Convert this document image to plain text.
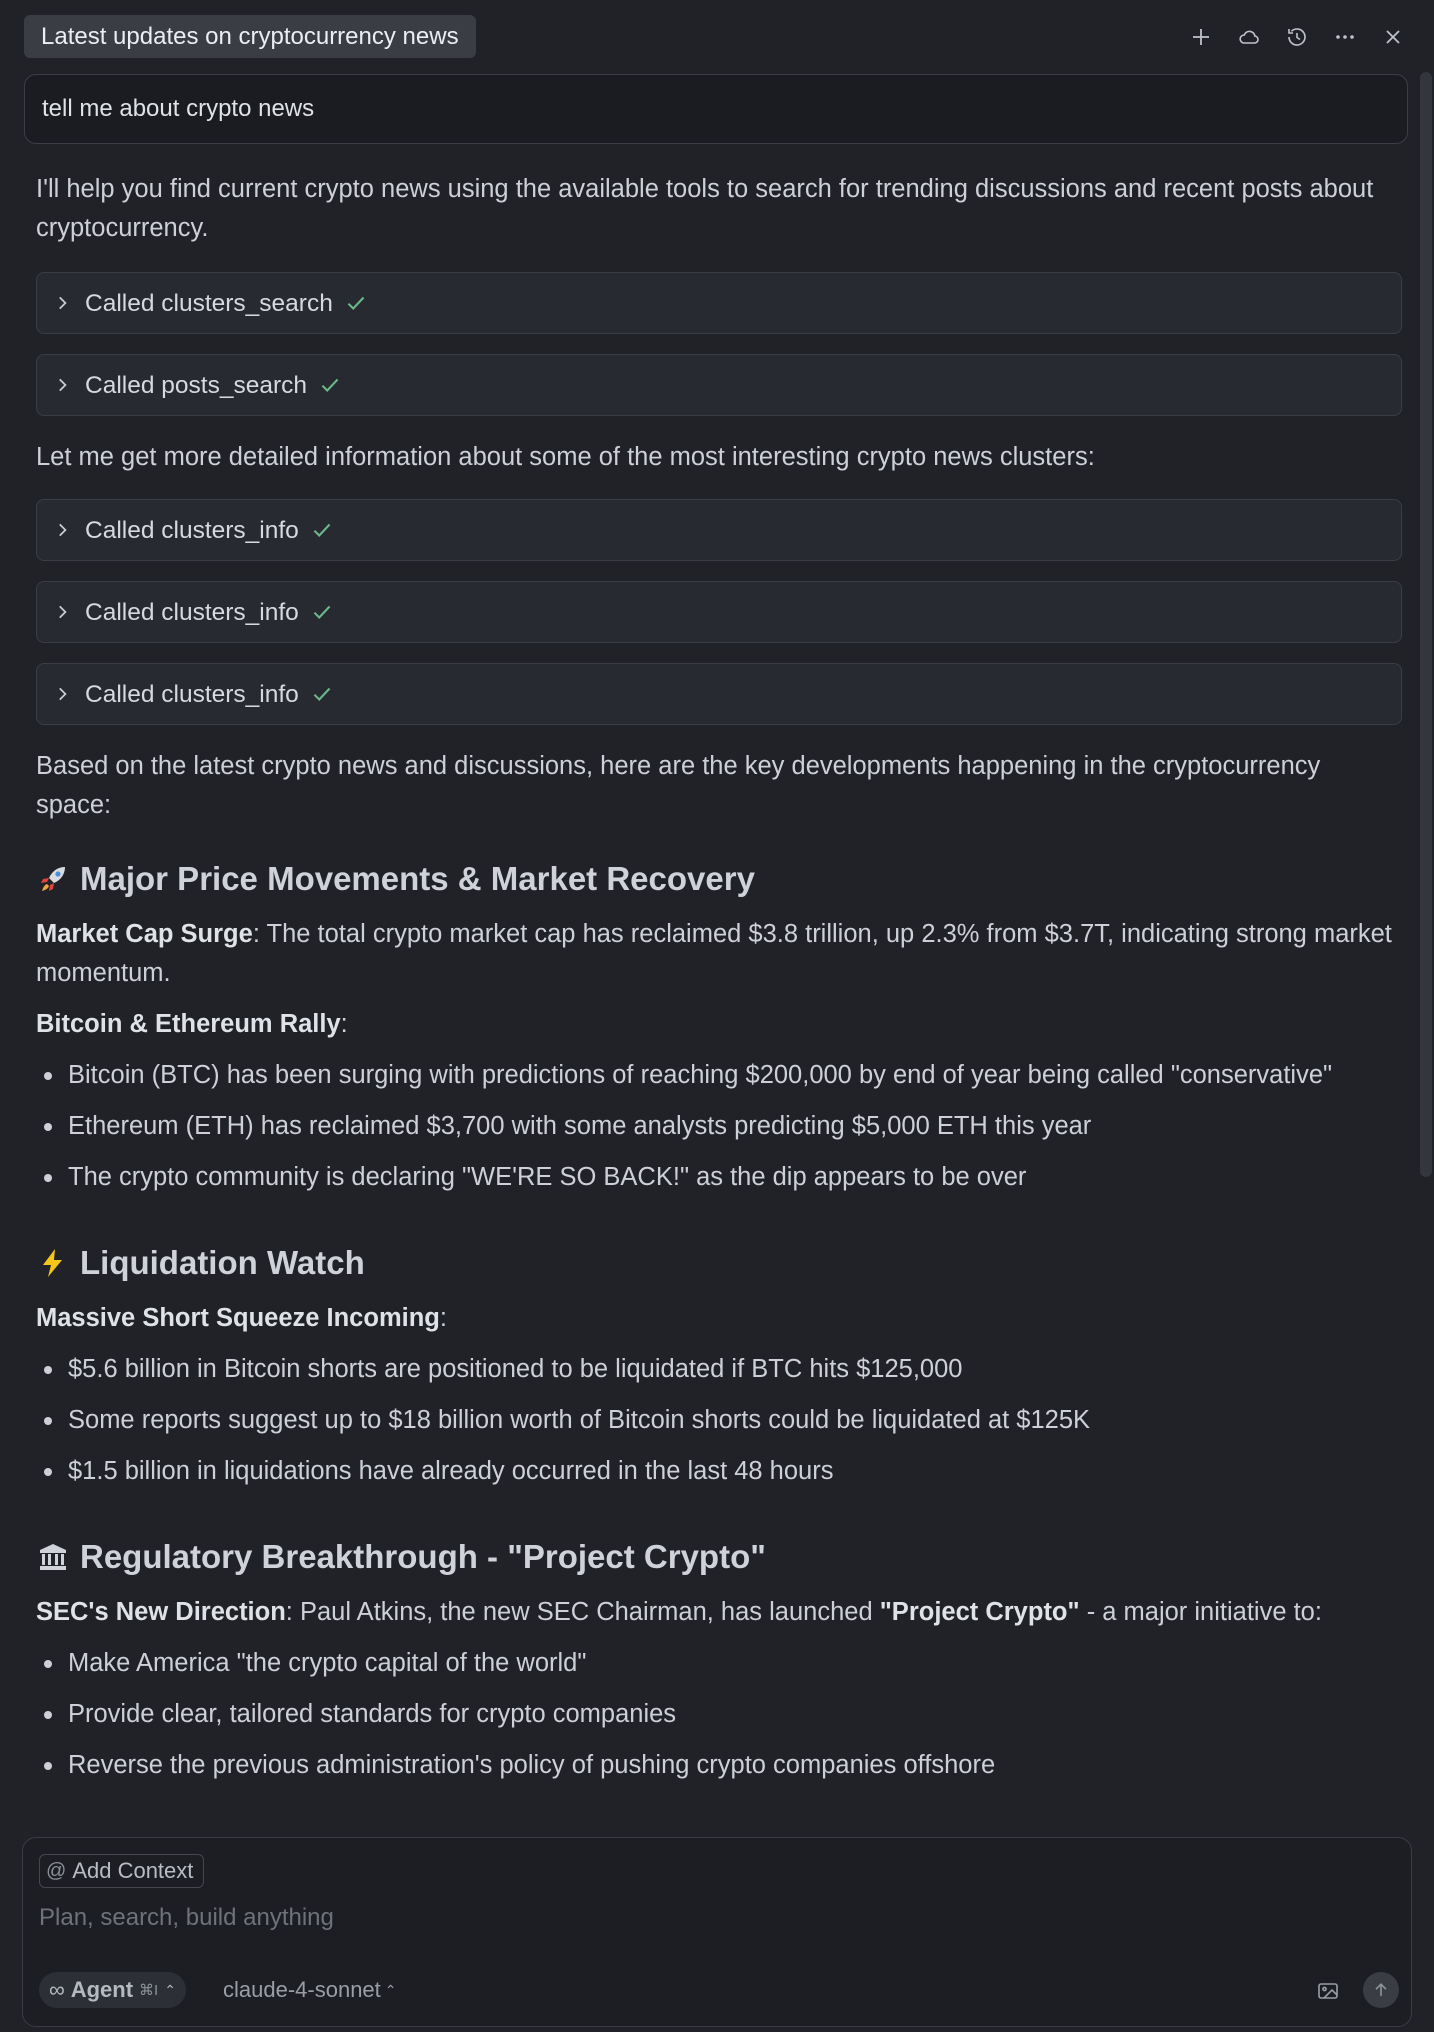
Latest updates on cryptocurrency news
tell me about crypto news

I'll help you find current crypto news using the available tools to search for trending discussions and recent posts about cryptocurrency.

Called clusters_search
Called posts_search

Let me get more detailed information about some of the most interesting crypto news clusters:

Called clusters_info
Called clusters_info
Called clusters_info

Based on the latest crypto news and discussions, here are the key developments happening in the cryptocurrency space:

Major Price Movements & Market Recovery

Market Cap Surge: The total crypto market cap has reclaimed $3.8 trillion, up 2.3% from $3.7T, indicating strong market momentum.

Bitcoin & Ethereum Rally:

Bitcoin (BTC) has been surging with predictions of reaching $200,000 by end of year being called "conservative"
Ethereum (ETH) has reclaimed $3,700 with some analysts predicting $5,000 ETH this year
The crypto community is declaring "WE'RE SO BACK!" as the dip appears to be over
Liquidation Watch

Massive Short Squeeze Incoming:

$5.6 billion in Bitcoin shorts are positioned to be liquidated if BTC hits $125,000
Some reports suggest up to $18 billion worth of Bitcoin shorts could be liquidated at $125K
$1.5 billion in liquidations have already occurred in the last 48 hours
Regulatory Breakthrough - "Project Crypto"

SEC's New Direction: Paul Atkins, the new SEC Chairman, has launched "Project Crypto" - a major initiative to:

Make America "the crypto capital of the world"
Provide clear, tailored standards for crypto companies
Reverse the previous administration's policy of pushing crypto companies offshore
@ Add Context
Plan, search, build anything
∞ Agent ⌘I ⌃ claude-4-sonnet ⌃
